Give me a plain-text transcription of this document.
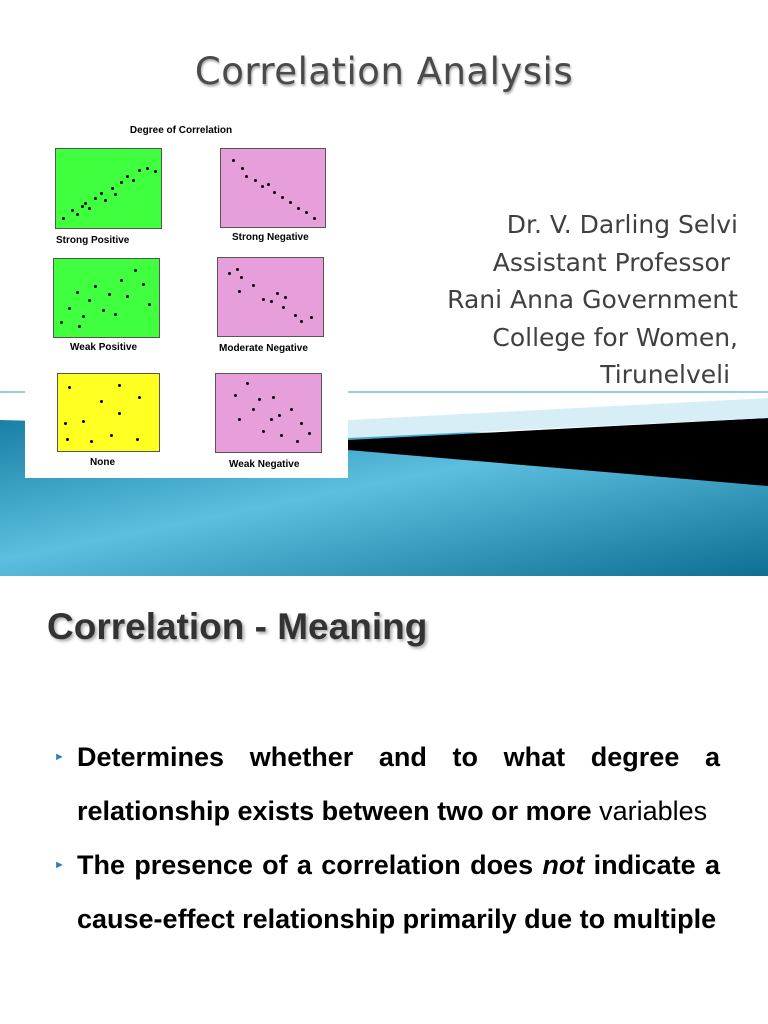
Correlation Analysis
Dr. V. Darling Selvi
Assistant Professor
Rani Anna Government
College for Women,
Tirunelveli
Degree of Correlation
Strong Positive	Strong Negative
Weak Positive	Moderate Negative
None	Weak Negative
Correlation - Meaning
► Determines whether and to what degree a relationship exists between two or more variables
► The presence of a correlation does not indicate a cause-effect relationship primarily due to multiple
